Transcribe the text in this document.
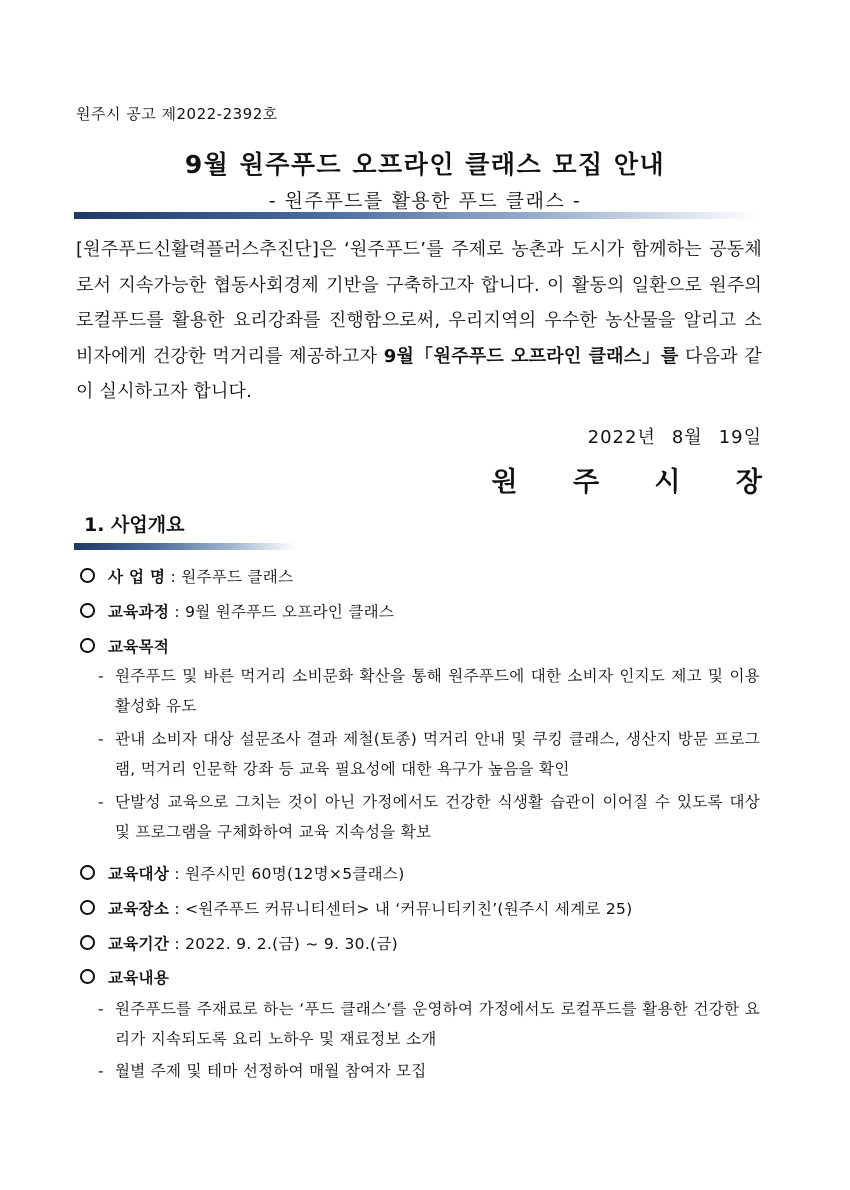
원주시 공고 제2022-2392호
9월 원주푸드 오프라인 클래스 모집 안내
- 원주푸드를 활용한 푸드 클래스 -
[원주푸드신활력플러스추진단]은 ‘원주푸드’를 주제로 농촌과 도시가 함께하는 공동체로서 지속가능한 협동사회경제 기반을 구축하고자 합니다. 이 활동의 일환으로 원주의 로컬푸드를 활용한 요리강좌를 진행함으로써, 우리지역의 우수한 농산물을 알리고 소비자에게 건강한 먹거리를 제공하고자 9월「원주푸드 오프라인 클래스」를 다음과 같이 실시하고자 합니다.
2022년 8월 19일
원 주 시 장
1. 사업개요
사 업 명 : 원주푸드 클래스
교육과정 : 9월 원주푸드 오프라인 클래스
교육목적
- 원주푸드 및 바른 먹거리 소비문화 확산을 통해 원주푸드에 대한 소비자 인지도 제고 및 이용 활성화 유도
- 관내 소비자 대상 설문조사 결과 제철(토종) 먹거리 안내 및 쿠킹 클래스, 생산지 방문 프로그램, 먹거리 인문학 강좌 등 교육 필요성에 대한 욕구가 높음을 확인
- 단발성 교육으로 그치는 것이 아닌 가정에서도 건강한 식생활 습관이 이어질 수 있도록 대상 및 프로그램을 구체화하여 교육 지속성을 확보
교육대상 : 원주시민 60명(12명×5클래스)
교육장소 : <원주푸드 커뮤니티센터> 내 ‘커뮤니티키친’(원주시 세계로 25)
교육기간 : 2022. 9. 2.(금) ~ 9. 30.(금)
교육내용
- 원주푸드를 주재료로 하는 ‘푸드 클래스’를 운영하여 가정에서도 로컬푸드를 활용한 건강한 요리가 지속되도록 요리 노하우 및 재료정보 소개
- 월별 주제 및 테마 선정하여 매월 참여자 모집
